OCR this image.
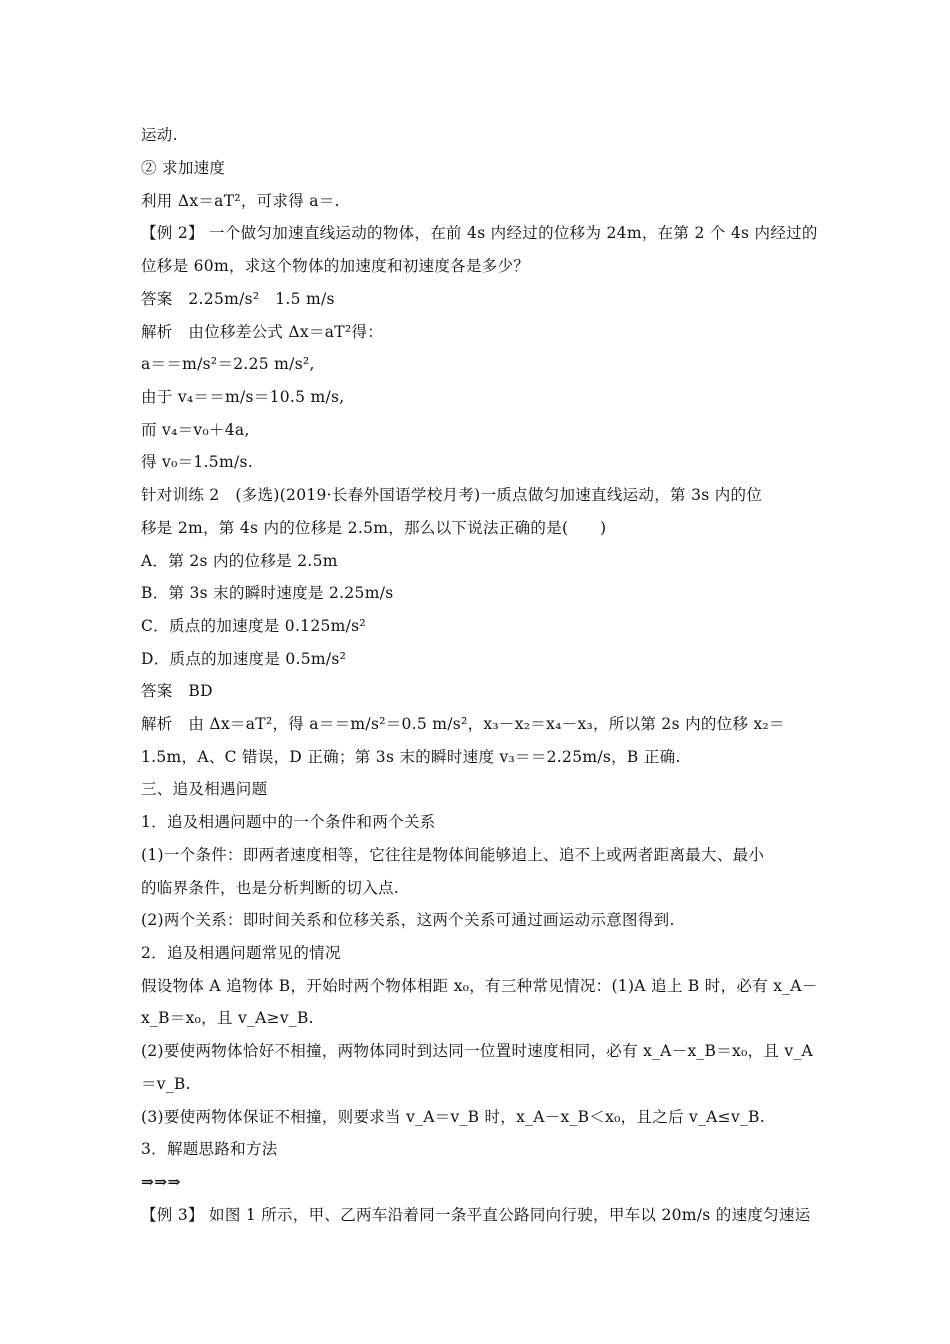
运动.
② 求加速度
利用 Δx＝aT²，可求得 a＝.
【例 2】 一个做匀加速直线运动的物体，在前 4s 内经过的位移为 24m，在第 2 个 4s 内经过的
位移是 60m，求这个物体的加速度和初速度各是多少？
答案　2.25m/s²　1.5 m/s
解析　由位移差公式 Δx＝aT²得：
a＝＝m/s²＝2.25 m/s²,
由于 v₄＝＝m/s＝10.5 m/s,
而 v₄＝v₀＋4a,
得 v₀＝1.5m/s.
针对训练 2　(多选)(2019·长春外国语学校月考)一质点做匀加速直线运动，第 3s 内的位
移是 2m，第 4s 内的位移是 2.5m，那么以下说法正确的是(　　)
A．第 2s 内的位移是 2.5m
B．第 3s 末的瞬时速度是 2.25m/s
C．质点的加速度是 0.125m/s²
D．质点的加速度是 0.5m/s²
答案　BD
解析　由 Δx＝aT²，得 a＝＝m/s²＝0.5 m/s²，x₃－x₂＝x₄－x₃，所以第 2s 内的位移 x₂＝
1.5m，A、C 错误，D 正确；第 3s 末的瞬时速度 v₃＝＝2.25m/s，B 正确.
三、追及相遇问题
1．追及相遇问题中的一个条件和两个关系
(1)一个条件：即两者速度相等，它往往是物体间能够追上、追不上或两者距离最大、最小
的临界条件，也是分析判断的切入点.
(2)两个关系：即时间关系和位移关系，这两个关系可通过画运动示意图得到.
2．追及相遇问题常见的情况
假设物体 A 追物体 B，开始时两个物体相距 x₀，有三种常见情况：(1)A 追上 B 时，必有 x_A－
x_B＝x₀，且 v_A≥v_B.
(2)要使两物体恰好不相撞，两物体同时到达同一位置时速度相同，必有 x_A－x_B＝x₀，且 v_A
＝v_B.
(3)要使两物体保证不相撞，则要求当 v_A＝v_B 时，x_A－x_B＜x₀，且之后 v_A≤v_B.
3．解题思路和方法
⇒⇒⇒
【例 3】 如图 1 所示，甲、乙两车沿着同一条平直公路同向行驶，甲车以 20m/s 的速度匀速运
